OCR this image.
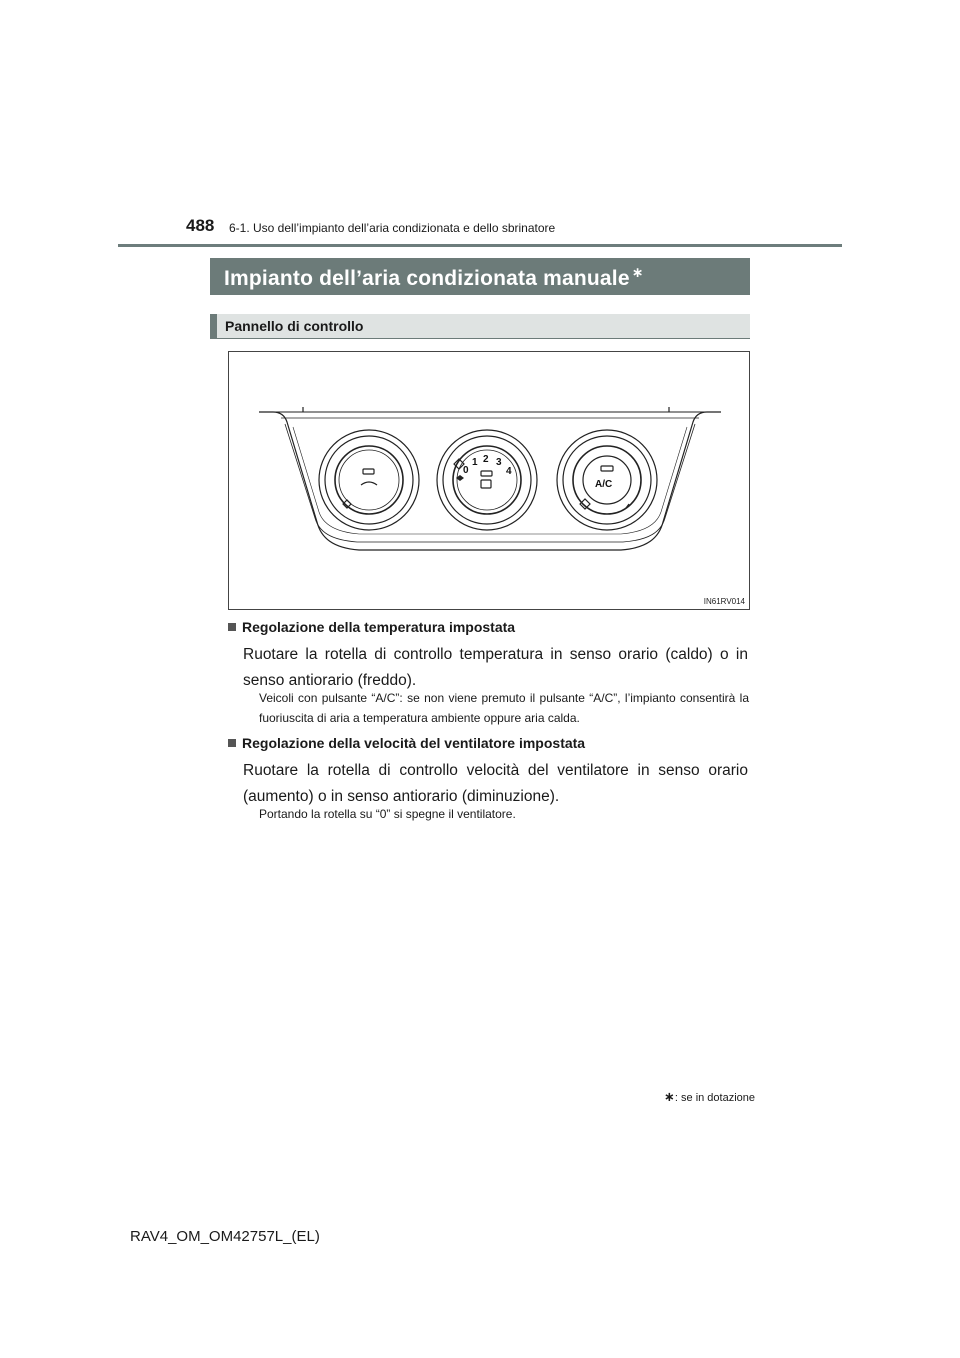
488 6-1. Uso dell’impianto dell’aria condizionata e dello sbrinatore
Impianto dell’aria condizionata manuale ∗
Pannello di controllo
0
1 2 3
4
A/C
IN61RV014
Regolazione della temperatura impostata
Ruotare la rotella di controllo temperatura in senso orario (caldo) o in senso antiorario (freddo).
Veicoli con pulsante “A/C”: se non viene premuto il pulsante “A/C”, l’impianto consentirà la fuoriuscita di aria a temperatura ambiente oppure aria calda.
Regolazione della velocità del ventilatore impostata
Ruotare la rotella di controllo velocità del ventilatore in senso orario (aumento) o in senso antiorario (diminuzione).
Portando la rotella su “0” si spegne il ventilatore.
∗: se in dotazione
RAV4_OM_OM42757L_(EL)
